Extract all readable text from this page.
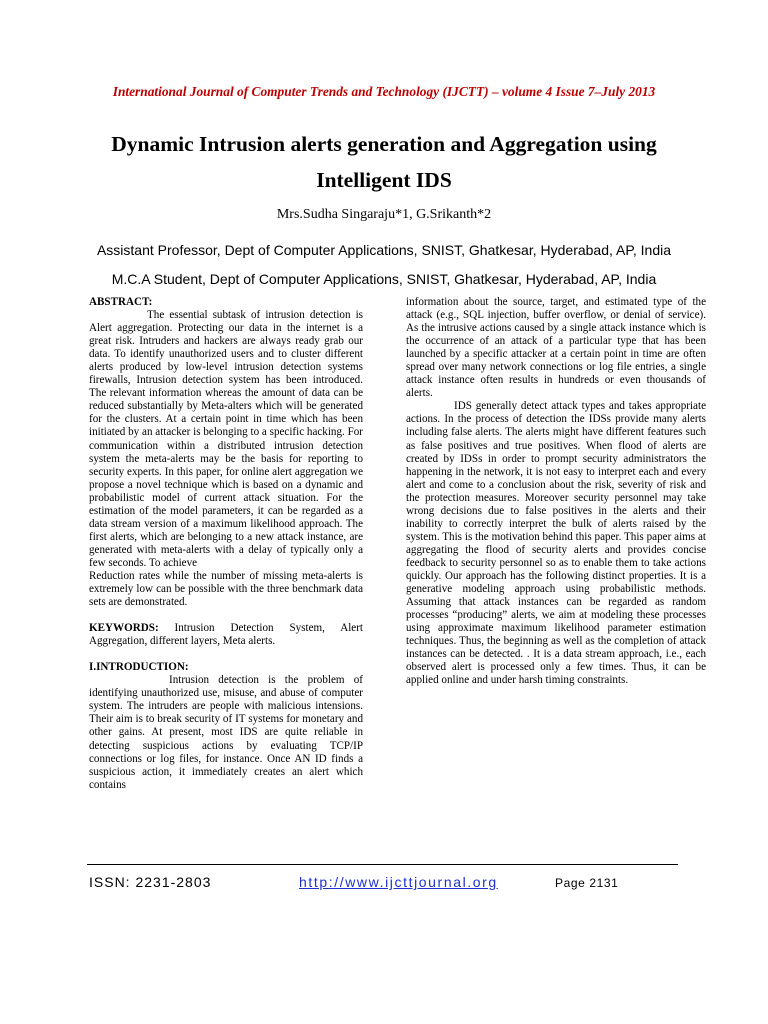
International Journal of Computer Trends and Technology (IJCTT) – volume 4 Issue 7–July 2013
Dynamic Intrusion alerts generation and Aggregation using
Intelligent IDS
Mrs.Sudha Singaraju*1, G.Srikanth*2
Assistant Professor, Dept of Computer Applications, SNIST, Ghatkesar, Hyderabad, AP, India
M.C.A Student, Dept of Computer Applications, SNIST, Ghatkesar, Hyderabad, AP, India

ABSTRACT:

The essential subtask of intrusion detection is Alert aggregation. Protecting our data in the internet is a great risk. Intruders and hackers are always ready grab our data. To identify unauthorized users and to cluster different alerts produced by low-level intrusion detection systems firewalls, Intrusion detection system has been introduced. The relevant information whereas the amount of data can be reduced substantially by Meta-alters which will be generated for the clusters. At a certain point in time which has been initiated by an attacker is belonging to a specific hacking. For communication within a distributed intrusion detection system the meta-alerts may be the basis for reporting to security experts. In this paper, for online alert aggregation we propose a novel technique which is based on a dynamic and probabilistic model of current attack situation. For the estimation of the model parameters, it can be regarded as a data stream version of a maximum likelihood approach. The first alerts, which are belonging to a new attack instance, are generated with meta-alerts with a delay of typically only a few seconds. To achieve

Reduction rates while the number of missing meta-alerts is extremely low can be possible with the three benchmark data sets are demonstrated.

KEYWORDS: Intrusion Detection System, Alert Aggregation, different layers, Meta alerts.

I.INTRODUCTION:

Intrusion detection is the problem of identifying unauthorized use, misuse, and abuse of computer system. The intruders are people with malicious intensions. Their aim is to break security of IT systems for monetary and other gains. At present, most IDS are quite reliable in detecting suspicious actions by evaluating TCP/IP connections or log files, for instance. Once AN ID finds a suspicious action, it immediately creates an alert which contains

information about the source, target, and estimated type of the attack (e.g., SQL injection, buffer overflow, or denial of service). As the intrusive actions caused by a single attack instance which is the occurrence of an attack of a particular type that has been launched by a specific attacker at a certain point in time are often spread over many network connections or log file entries, a single attack instance often results in hundreds or even thousands of alerts.

IDS generally detect attack types and takes appropriate actions. In the process of detection the IDSs provide many alerts including false alerts. The alerts might have different features such as false positives and true positives. When flood of alerts are created by IDSs in order to prompt security administrators the happening in the network, it is not easy to interpret each and every alert and come to a conclusion about the risk, severity of risk and the protection measures. Moreover security personnel may take wrong decisions due to false positives in the alerts and their inability to correctly interpret the bulk of alerts raised by the system. This is the motivation behind this paper. This paper aims at aggregating the flood of security alerts and provides concise feedback to security personnel so as to enable them to take actions quickly. Our approach has the following distinct properties. It is a generative modeling approach using probabilistic methods. Assuming that attack instances can be regarded as random processes “producing” alerts, we aim at modeling these processes using approximate maximum likelihood parameter estimation techniques. Thus, the beginning as well as the completion of attack instances can be detected. . It is a data stream approach, i.e., each observed alert is processed only a few times. Thus, it can be applied online and under harsh timing constraints.

ISSN: 2231-2803	http://www.ijcttjournal.org	Page 2131
